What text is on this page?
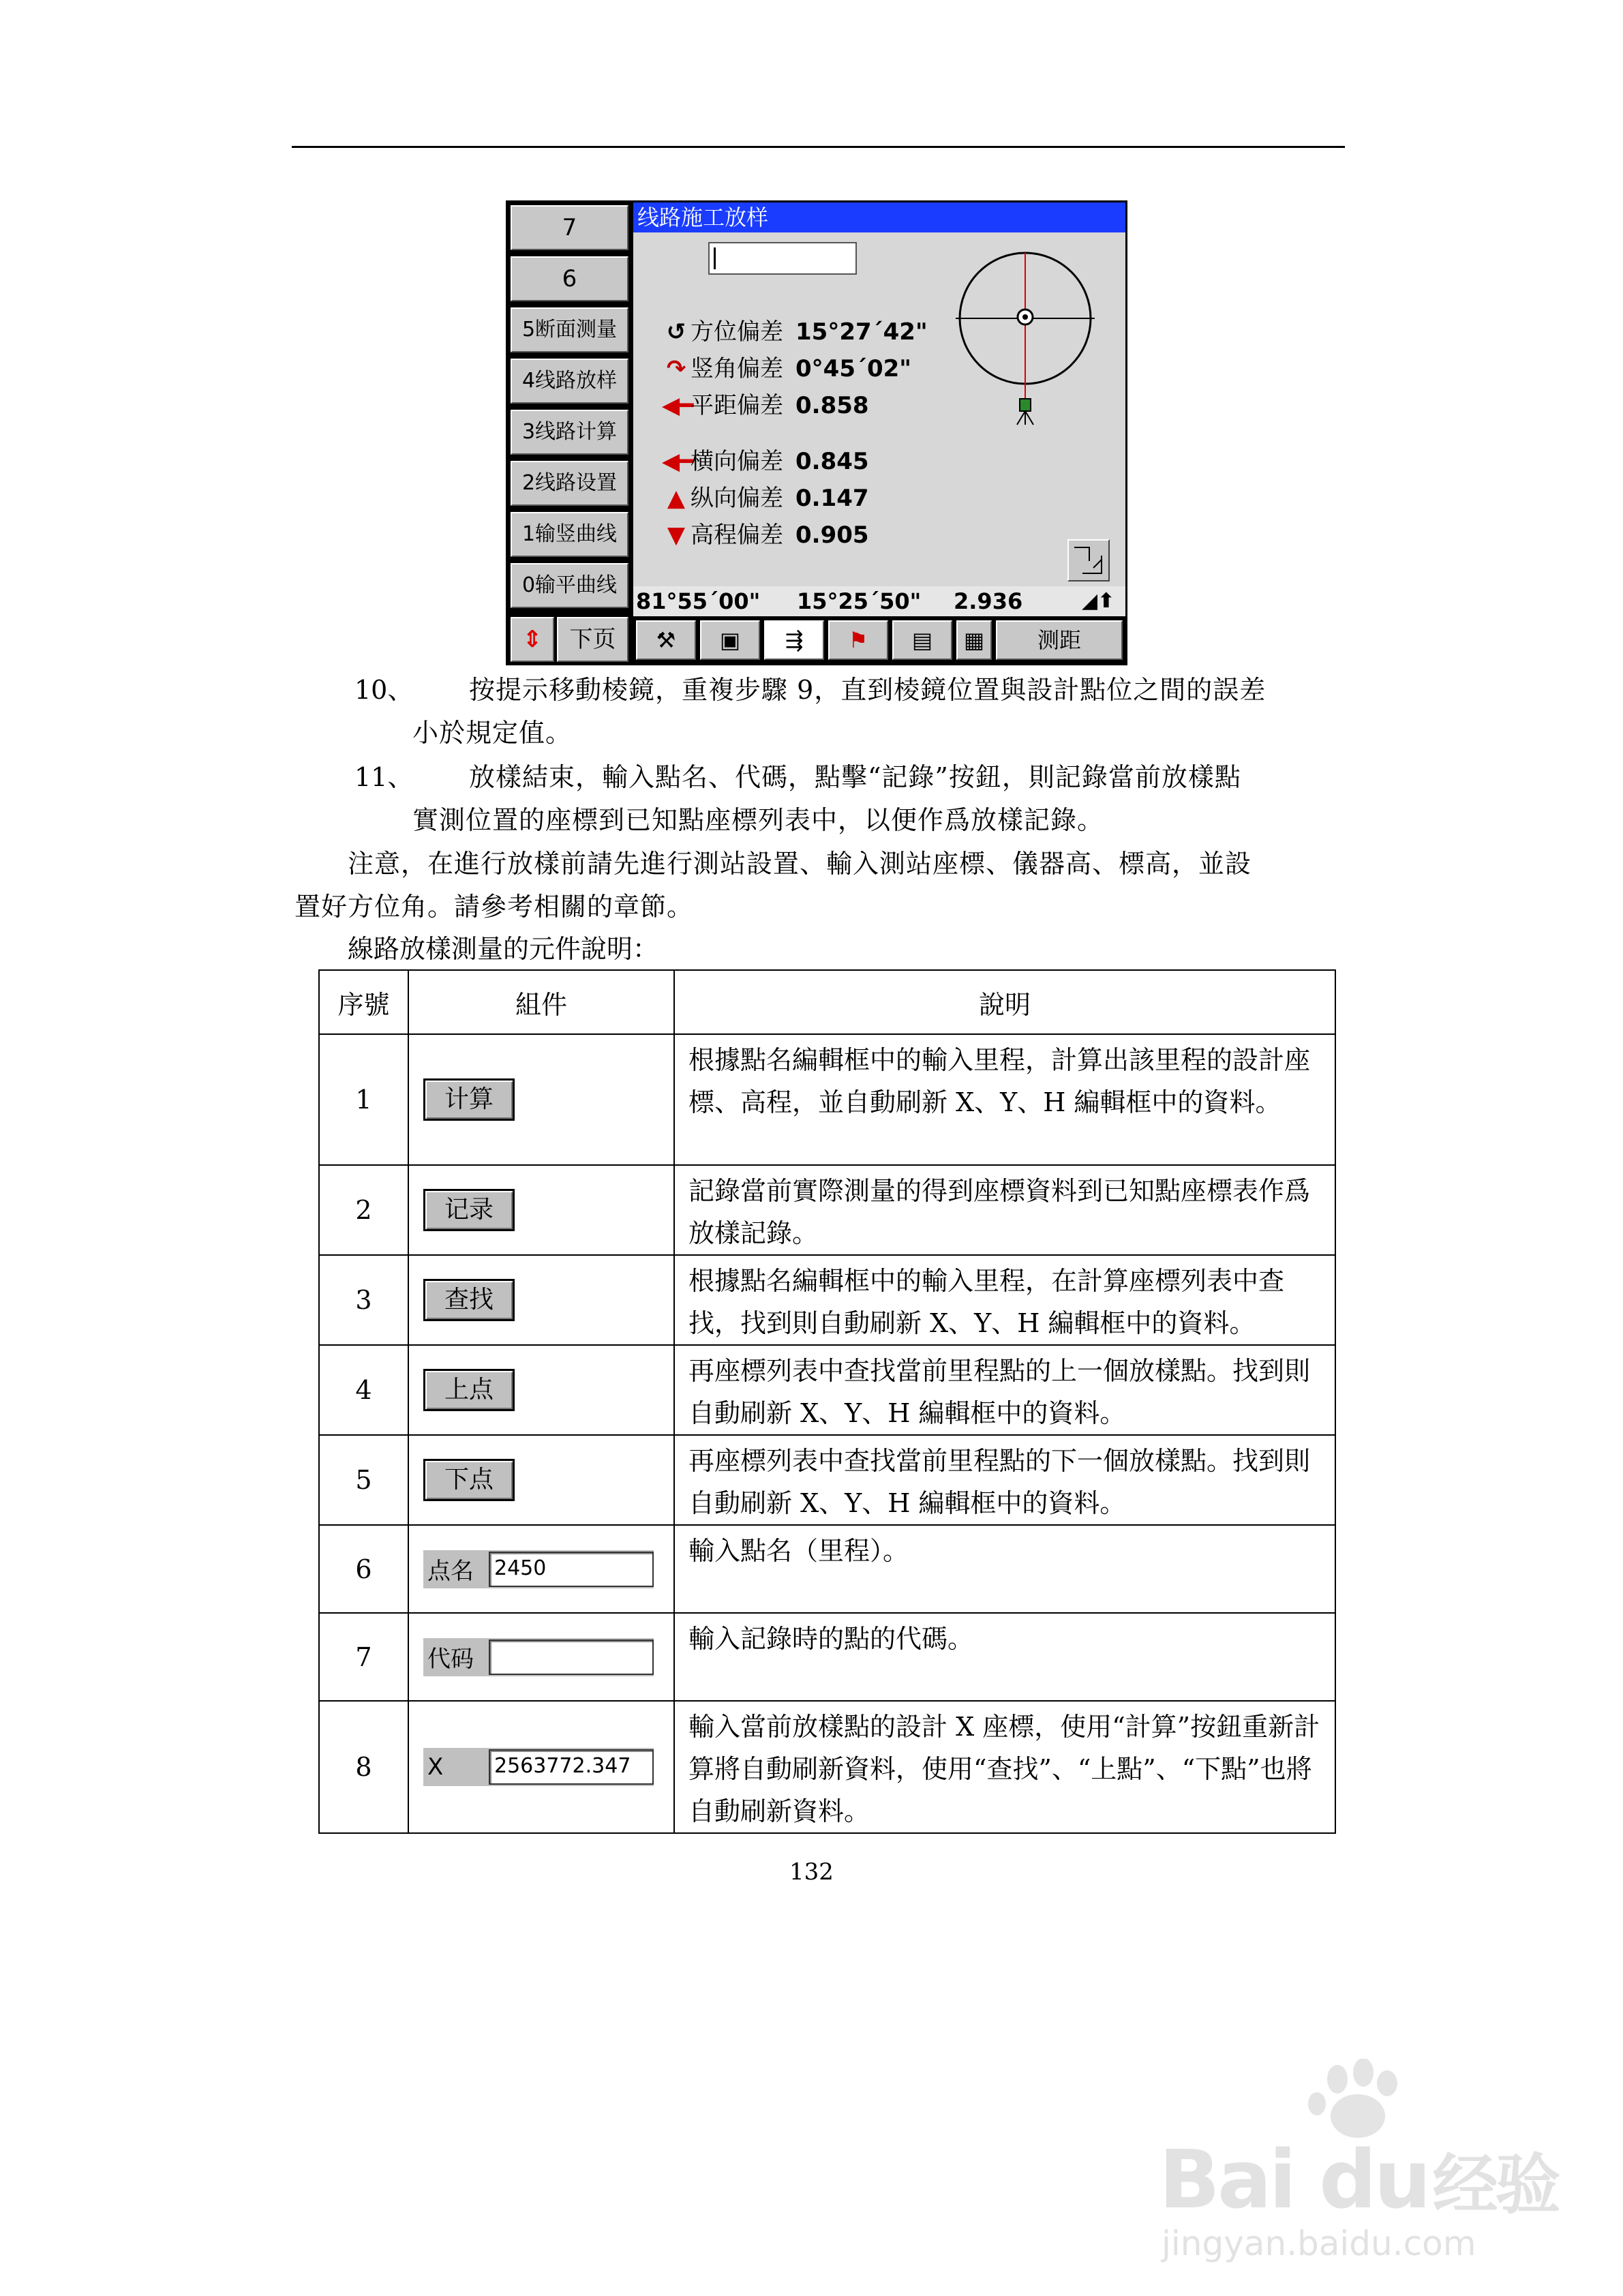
7
6
5断面测量
4线路放样
3线路计算
2线路设置
1输竖曲线
0输平曲线
⇕	下页
线路施工放样
↺ 方位偏差 15°27´42"
↷ 竖角偏差 0°45´02"
◀━平距偏差 0.858
◀━横向偏差 0.845
▲ 纵向偏差 0.147
▼ 高程偏差 0.905
81°55´00" 15°25´50" 2.936	◢⬆
⚒	▣	⇶	⚑	▤	▦	测距
10、 按提示移動棱鏡，重複步驟 9，直到棱鏡位置與設計點位之間的誤差
小於規定值。
11、 放樣結束，輸入點名、代碼，點擊“記錄”按鈕，則記錄當前放樣點
實測位置的座標到已知點座標列表中，以便作爲放樣記錄。
注意，在進行放樣前請先進行測站設置、輸入測站座標、儀器高、標高，並設
置好方位角。請參考相關的章節。
線路放樣測量的元件說明：
序號	組件	說明
1	计算	根據點名編輯框中的輸入里程，計算出該里程的設計座標、高程，並自動刷新 X、Y、H 編輯框中的資料。
2	记录	記錄當前實際測量的得到座標資料到已知點座標表作爲放樣記錄。
3	查找	根據點名編輯框中的輸入里程，在計算座標列表中查找，找到則自動刷新 X、Y、H 編輯框中的資料。
4	上点	再座標列表中查找當前里程點的上一個放樣點。找到則自動刷新 X、Y、H 編輯框中的資料。
5	下点	再座標列表中查找當前里程點的下一個放樣點。找到則自動刷新 X、Y、H 編輯框中的資料。
6	点名 2450	輸入點名（里程）。
7	代码	輸入記錄時的點的代碼。
8	X 2563772.347	輸入當前放樣點的設計 X 座標，使用“計算”按鈕重新計算將自動刷新資料，使用“查找”、“上點”、“下點”也將自動刷新資料。
132
Bai du经验
jingyan.baidu.com
